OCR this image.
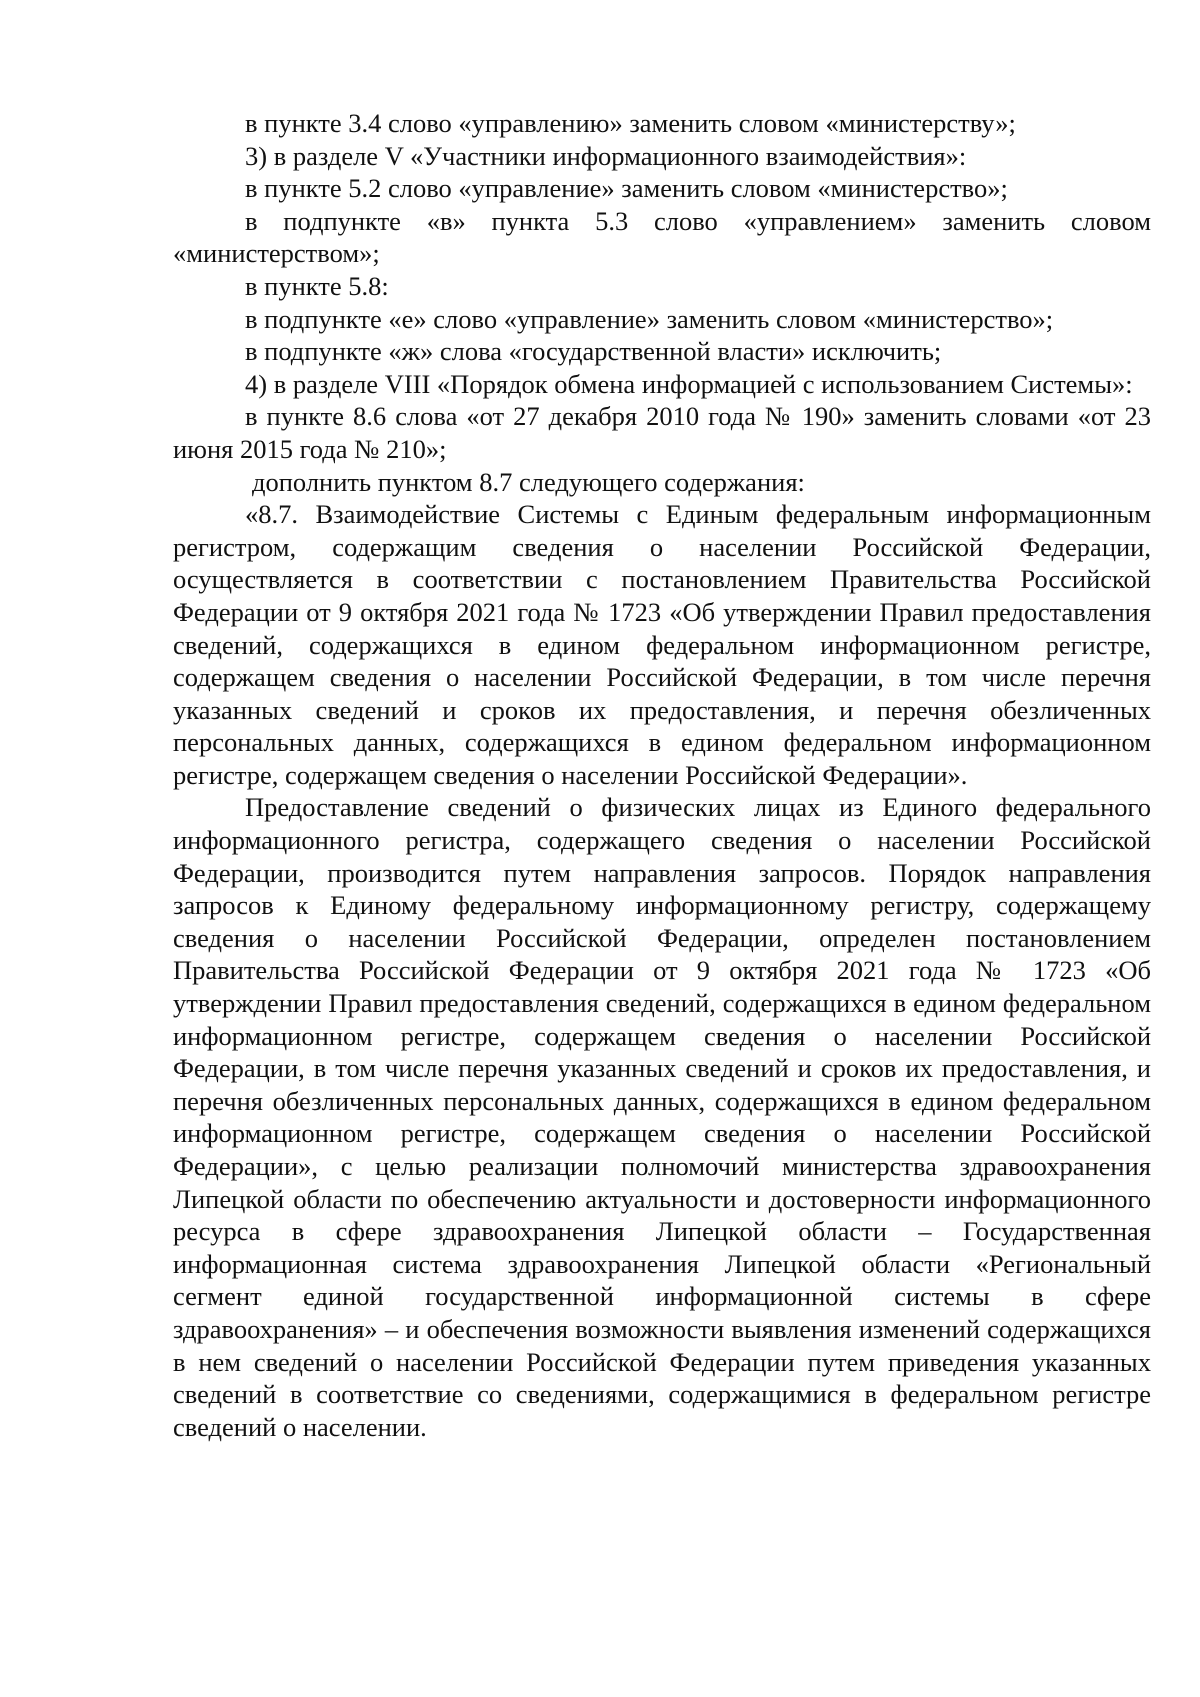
в пункте 3.4 слово «управлению» заменить словом «министерству»;

3) в разделе V «Участники информационного взаимодействия»:

в пункте 5.2 слово «управление» заменить словом «министерство»;

в подпункте «в» пункта 5.3 слово «управлением» заменить словом «министерством»;

в пункте 5.8:

в подпункте «е» слово «управление» заменить словом «министерство»;

в подпункте «ж» слова «государственной власти» исключить;

4) в разделе VIII «Порядок обмена информацией с использованием Системы»:

в пункте 8.6 слова «от 27 декабря 2010 года № 190» заменить словами «от 23 июня 2015 года № 210»;

дополнить пунктом 8.7 следующего содержания:

«8.7. Взаимодействие Системы с Единым федеральным информационным регистром, содержащим сведения о населении Российской Федерации, осуществляется в соответствии с постановлением Правительства Российской Федерации от 9 октября 2021 года № 1723 «Об утверждении Правил предоставления сведений, содержащихся в едином федеральном информационном регистре, содержащем сведения о населении Российской Федерации, в том числе перечня указанных сведений и сроков их предоставления, и перечня обезличенных персональных данных, содержащихся в едином федеральном информационном регистре, содержащем сведения о населении Российской Федерации».

Предоставление сведений о физических лицах из Единого федерального информационного регистра, содержащего сведения о населении Российской Федерации, производится путем направления запросов. Порядок направления запросов к Единому федеральному информационному регистру, содержащему сведения о населении Российской Федерации, определен постановлением Правительства Российской Федерации от 9 октября 2021 года № 1723 «Об утверждении Правил предоставления сведений, содержащихся в едином федеральном информационном регистре, содержащем сведения о населении Российской Федерации, в том числе перечня указанных сведений и сроков их предоставления, и перечня обезличенных персональных данных, содержащихся в едином федеральном информационном регистре, содержащем сведения о населении Российской Федерации», с целью реализации полномочий министерства здравоохранения Липецкой области по обеспечению актуальности и достоверности информационного ресурса в сфере здравоохранения Липецкой области – Государственная информационная система здравоохранения Липецкой области «Региональный сегмент единой государственной информационной системы в сфере здравоохранения» – и обеспечения возможности выявления изменений содержащихся в нем сведений о населении Российской Федерации путем приведения указанных сведений в соответствие со сведениями, содержащимися в федеральном регистре сведений о населении.
